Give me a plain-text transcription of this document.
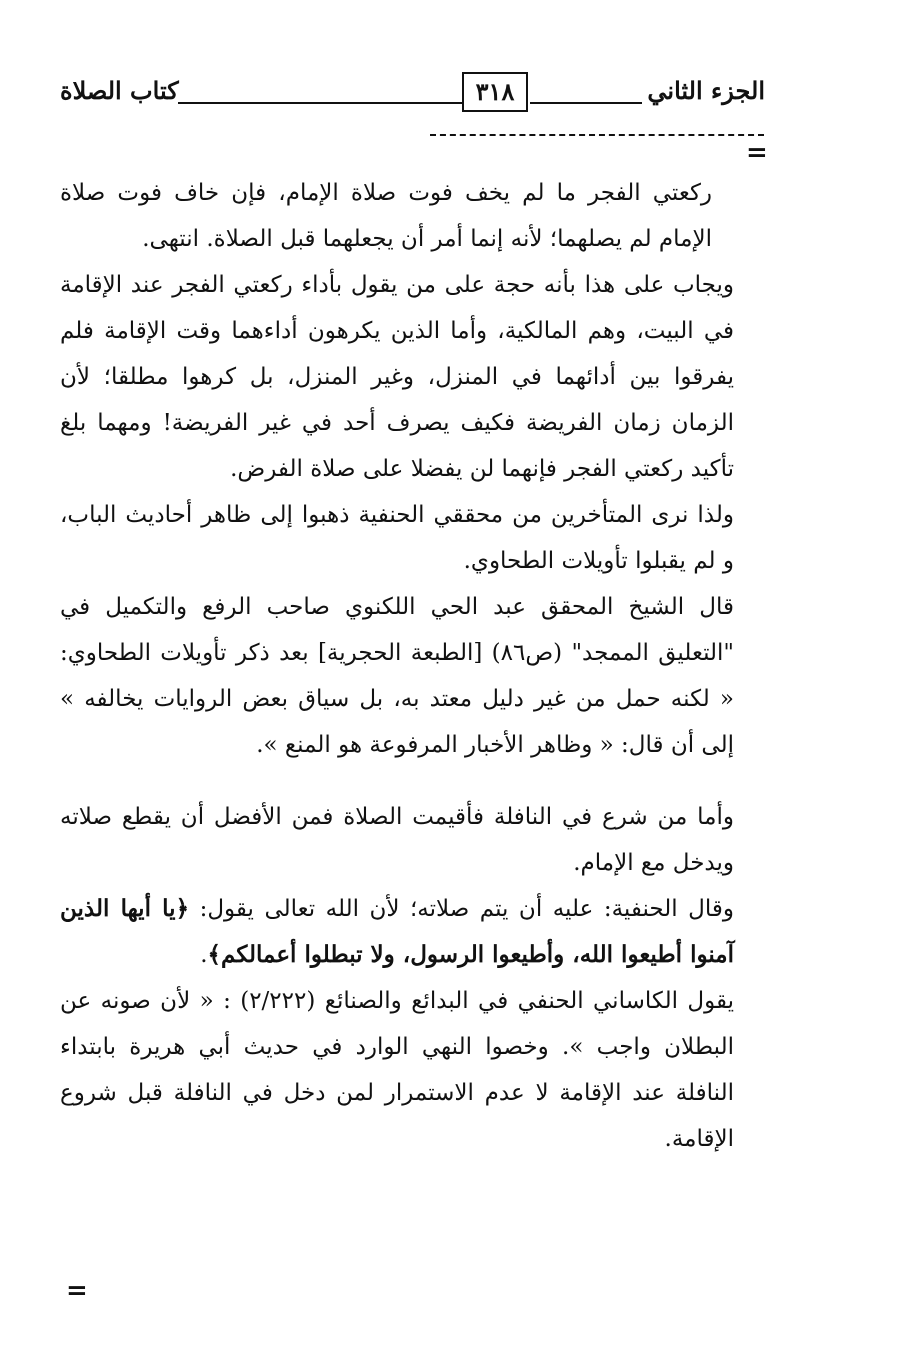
الجزء الثاني
٣١٨
كتاب الصلاة
=

ركعتي الفجر ما لم يخف فوت صلاة الإمام، فإن خاف فوت صلاة الإمام لم يصلهما؛ لأنه إنما أمر أن يجعلهما قبل الصلاة. انتهى.

ويجاب على هذا بأنه حجة على من يقول بأداء ركعتي الفجر عند الإقامة في البيت، وهم المالكية، وأما الذين يكرهون أداءهما وقت الإقامة فلم يفرقوا بين أدائهما في المنزل، وغير المنزل، بل كرهوا مطلقا؛ لأن الزمان زمان الفريضة فكيف يصرف أحد في غير الفريضة! ومهما بلغ تأكيد ركعتي الفجر فإنهما لن يفضلا على صلاة الفرض.

ولذا نرى المتأخرين من محققي الحنفية ذهبوا إلى ظاهر أحاديث الباب، و لم يقبلوا تأويلات الطحاوي.

قال الشيخ المحقق عبد الحي اللكنوي صاحب الرفع والتكميل في "التعليق الممجد" (ص٨٦) [الطبعة الحجرية] بعد ذكر تأويلات الطحاوي: « لكنه حمل من غير دليل معتد به، بل سياق بعض الروايات يخالفه » إلى أن قال: « وظاهر الأخبار المرفوعة هو المنع ».

وأما من شرع في النافلة فأقيمت الصلاة فمن الأفضل أن يقطع صلاته ويدخل مع الإمام.

وقال الحنفية: عليه أن يتم صلاته؛ لأن الله تعالى يقول: ﴿يا أيها الذين آمنوا أطيعوا الله، وأطيعوا الرسول، ولا تبطلوا أعمالكم﴾.

يقول الكاساني الحنفي في البدائع والصنائع (٢/٢٢٢) : « لأن صونه عن البطلان واجب ». وخصوا النهي الوارد في حديث أبي هريرة بابتداء النافلة عند الإقامة لا عدم الاستمرار لمن دخل في النافلة قبل شروع الإقامة.

=
